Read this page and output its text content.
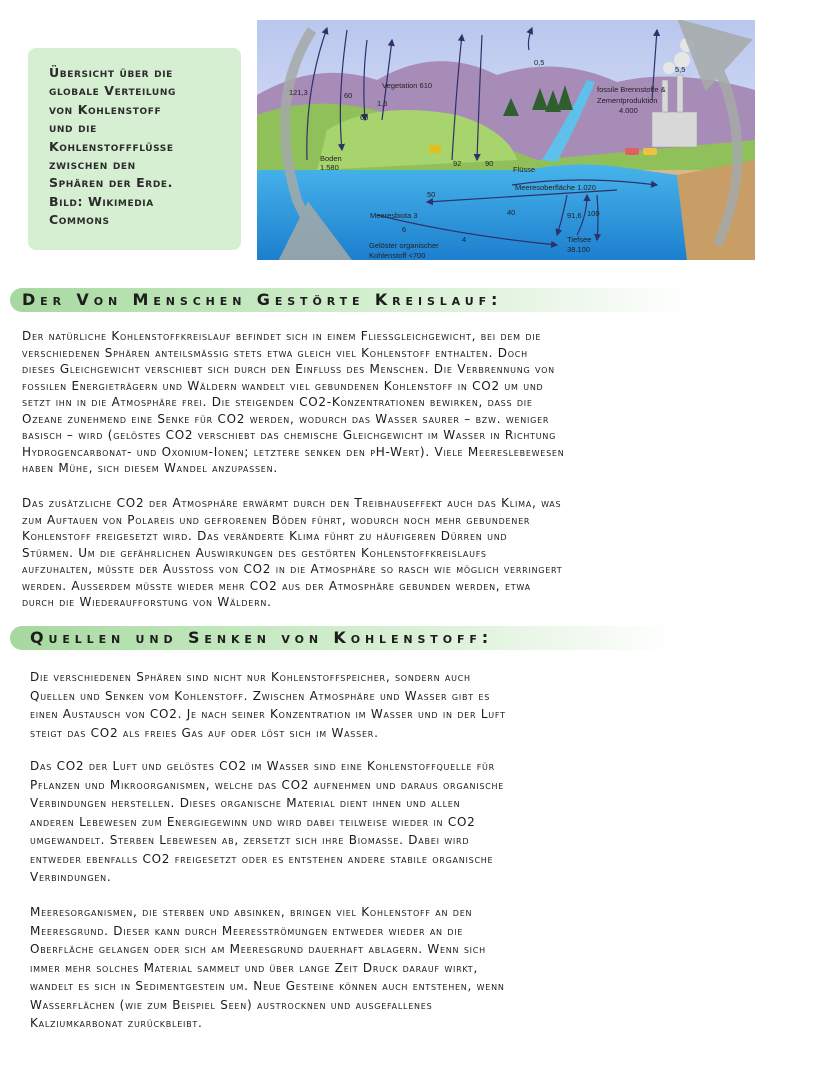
Übersicht über die
globale Verteilung
von Kohlenstoff
und die
Kohlenstoffflüsse
zwischen den
Sphären der Erde.
Bild: Wikimedia
Commons

121,3	60
1,6
60
Vegetation 610
Boden
1.580
0,5
fossile Brennstoffe &
Zementproduktion
4.000
5,5
92	90
Flüsse
Meeresoberfläche 1.020
50
40
Meeresbiota 3
6
91,6 100
4
Gelöster organischer
Kohlenstoff <700
Tiefsee
38.100
Der Von Menschen Gestörte Kreislauf:

Der natürliche Kohlenstoffkreislauf befindet sich in einem Fliessgleichgewicht, bei dem die
verschiedenen Sphären anteilsmässig stets etwa gleich viel Kohlenstoff enthalten. Doch
dieses Gleichgewicht verschiebt sich durch den Einfluss des Menschen. Die Verbrennung von
fossilen Energieträgern und Wäldern wandelt viel gebundenen Kohlenstoff in CO2 um und
setzt ihn in die Atmosphäre frei. Die steigenden CO2-Konzentrationen bewirken, dass die
Ozeane zunehmend eine Senke für CO2 werden, wodurch das Wasser saurer – bzw. weniger
basisch – wird (gelöstes CO2 verschiebt das chemische Gleichgewicht im Wasser in Richtung
Hydrogencarbonat- und Oxonium-Ionen; letztere senken den pH-Wert). Viele Meereslebewesen
haben Mühe, sich diesem Wandel anzupassen.

Das zusätzliche CO2 der Atmosphäre erwärmt durch den Treibhauseffekt auch das Klima, was
zum Auftauen von Polareis und gefrorenen Böden führt, wodurch noch mehr gebundener
Kohlenstoff freigesetzt wird. Das veränderte Klima führt zu häufigeren Dürren und
Stürmen. Um die gefährlichen Auswirkungen des gestörten Kohlenstoffkreislaufs
aufzuhalten, müsste der Ausstoss von CO2 in die Atmosphäre so rasch wie möglich verringert
werden. Ausserdem müsste wieder mehr CO2 aus der Atmosphäre gebunden werden, etwa
durch die Wiederaufforstung von Wäldern.

Quellen und Senken von Kohlenstoff:

Die verschiedenen Sphären sind nicht nur Kohlenstoffspeicher, sondern auch
Quellen und Senken vom Kohlenstoff. Zwischen Atmosphäre und Wasser gibt es
einen Austausch von CO2. Je nach seiner Konzentration im Wasser und in der Luft
steigt das CO2 als freies Gas auf oder löst sich im Wasser.

Das CO2 der Luft und gelöstes CO2 im Wasser sind eine Kohlenstoffquelle für
Pflanzen und Mikroorganismen, welche das CO2 aufnehmen und daraus organische
Verbindungen herstellen. Dieses organische Material dient ihnen und allen
anderen Lebewesen zum Energiegewinn und wird dabei teilweise wieder in CO2
umgewandelt. Sterben Lebewesen ab, zersetzt sich ihre Biomasse. Dabei wird
entweder ebenfalls CO2 freigesetzt oder es entstehen andere stabile organische
Verbindungen.

Meeresorganismen, die sterben und absinken, bringen viel Kohlenstoff an den
Meeresgrund. Dieser kann durch Meeresströmungen entweder wieder an die
Oberfläche gelangen oder sich am Meeresgrund dauerhaft ablagern. Wenn sich
immer mehr solches Material sammelt und über lange Zeit Druck darauf wirkt,
wandelt es sich in Sedimentgestein um. Neue Gesteine können auch entstehen, wenn
Wasserflächen (wie zum Beispiel Seen) austrocknen und ausgefallenes
Kalziumkarbonat zurückbleibt.
